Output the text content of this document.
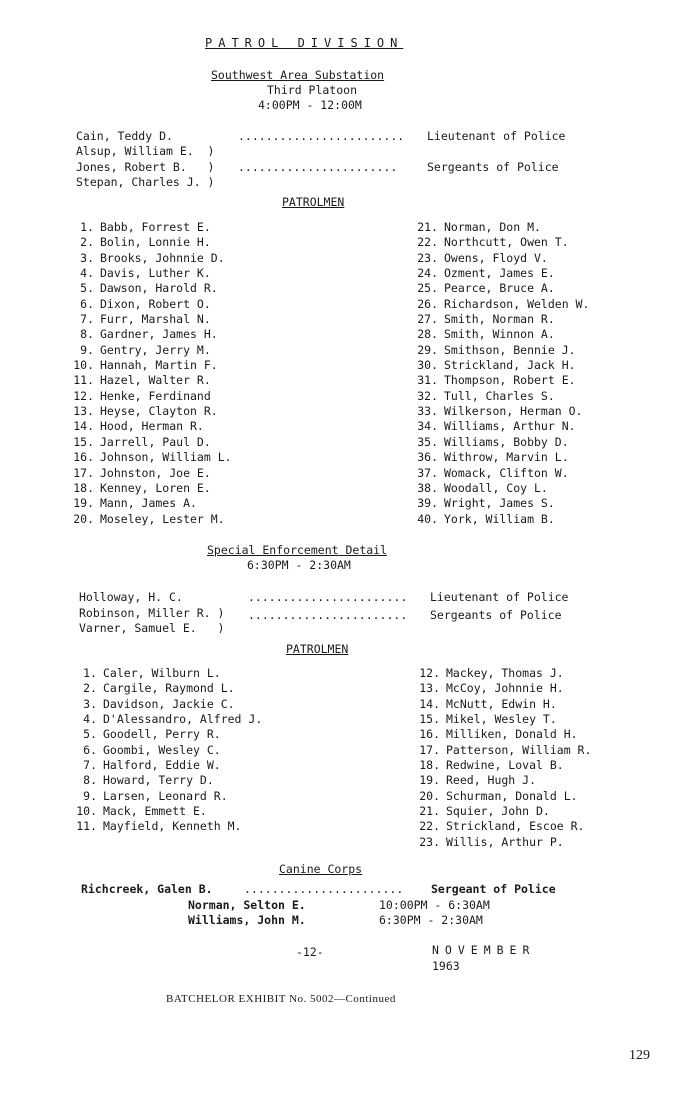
PATROL DIVISION
Southwest Area Substation
Third Platoon
4:00PM - 12:00M
Cain, Teddy D.	........................ Lieutenant of Police
Alsup, William E.  )
Jones, Robert B.   ) .......................	Sergeants of Police
Stepan, Charles J. )
PATROLMEN
1. Babb, Forrest E.
2. Bolin, Lonnie H.
3. Brooks, Johnnie D.
4. Davis, Luther K.
5. Dawson, Harold R.
6. Dixon, Robert O.
7. Furr, Marshal N.
8. Gardner, James H.
9. Gentry, Jerry M.
10. Hannah, Martin F.
11. Hazel, Walter R.
12. Henke, Ferdinand
13. Heyse, Clayton R.
14. Hood, Herman R.
15. Jarrell, Paul D.
16. Johnson, William L.
17. Johnston, Joe E.
18. Kenney, Loren E.
19. Mann, James A.
20. Moseley, Lester M.
21. Norman, Don M.
22. Northcutt, Owen T.
23. Owens, Floyd V.
24. Ozment, James E.
25. Pearce, Bruce A.
26. Richardson, Welden W.
27. Smith, Norman R.
28. Smith, Winnon A.
29. Smithson, Bennie J.
30. Strickland, Jack H.
31. Thompson, Robert E.
32. Tull, Charles S.
33. Wilkerson, Herman O.
34. Williams, Arthur N.
35. Williams, Bobby D.
36. Withrow, Marvin L.
37. Womack, Clifton W.
38. Woodall, Coy L.
39. Wright, James S.
40. York, William B.
Special Enforcement Detail
6:30PM - 2:30AM
Holloway, H. C.	....................... Lieutenant of Police
Robinson, Miller R. ) ....................... Sergeants of Police
Varner, Samuel E.   )
PATROLMEN
1. Caler, Wilburn L.
2. Cargile, Raymond L.
3. Davidson, Jackie C.
4. D'Alessandro, Alfred J.
5. Goodell, Perry R.
6. Goombi, Wesley C.
7. Halford, Eddie W.
8. Howard, Terry D.
9. Larsen, Leonard R.
10. Mack, Emmett E.
11. Mayfield, Kenneth M.
12. Mackey, Thomas J.
13. McCoy, Johnnie H.
14. McNutt, Edwin H.
15. Mikel, Wesley T.
16. Milliken, Donald H.
17. Patterson, William R.
18. Redwine, Loval B.
19. Reed, Hugh J.
20. Schurman, Donald L.
21. Squier, John D.
22. Strickland, Escoe R.
23. Willis, Arthur P.
Canine Corps
Richcreek, Galen B.	....................... Sergeant of Police
Norman, Selton E.	10:00PM - 6:30AM
Williams, John M.	6:30PM - 2:30AM
-12-	NOVEMBER
1963
BATCHELOR EXHIBIT No. 5002—Continued
129
